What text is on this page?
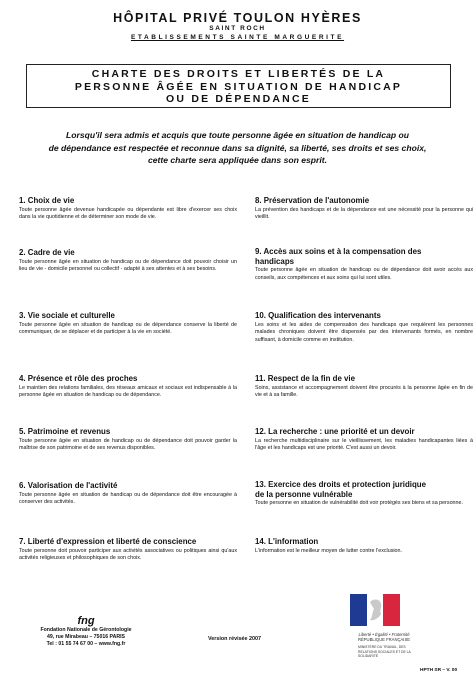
HÔPITAL PRIVÉ TOULON HYÈRES
SAINT ROCH
ETABLISSEMENTS SAINTE MARGUERITE
CHARTE DES DROITS ET LIBERTÉS DE LA
PERSONNE ÂGÉE EN SITUATION DE HANDICAP
OU DE DÉPENDANCE
Lorsqu'il sera admis et acquis que toute personne âgée en situation de handicap ou
de dépendance est respectée et reconnue dans sa dignité, sa liberté, ses droits et ses choix,
cette charte sera appliquée dans son esprit.
1. Choix de vie
Toute personne âgée devenue handicapée ou dépendante est libre d'exercer ses choix dans la vie quotidienne et de déterminer son mode de vie.
2. Cadre de vie
Toute personne âgée en situation de handicap ou de dépendance doit pouvoir choisir un lieu de vie - domicile personnel ou collectif - adapté à ses attentes et à ses besoins.
3. Vie sociale et culturelle
Toute personne âgée en situation de handicap ou de dépendance conserve la liberté de communiquer, de se déplacer et de participer à la vie en société.
4. Présence et rôle des proches
Le maintien des relations familiales, des réseaux amicaux et sociaux est indispensable à la personne âgée en situation de handicap ou de dépendance.
5. Patrimoine et revenus
Toute personne âgée en situation de handicap ou de dépendance doit pouvoir garder la maîtrise de son patrimoine et de ses revenus disponibles.
6. Valorisation de l'activité
Toute personne âgée en situation de handicap ou de dépendance doit être encouragée à conserver des activités.
7. Liberté d'expression et liberté de conscience
Toute personne doit pouvoir participer aux activités associatives ou politiques ainsi qu'aux activités religieuses et philosophiques de son choix.
8. Préservation de l'autonomie
La prévention des handicaps et de la dépendance est une nécessité pour la personne qui vieillit.
9. Accès aux soins et à la compensation des
handicaps
Toute personne âgée en situation de handicap ou de dépendance doit avoir accès aux conseils, aux compétences et aux soins qui lui sont utiles.
10. Qualification des intervenants
Les soins et les aides de compensation des handicaps que requièrent les personnes malades chroniques doivent être dispensés par des intervenants formés, en nombre suffisant, à domicile comme en institution.
11. Respect de la fin de vie
Soins, assistance et accompagnement doivent être procurés à la personne âgée en fin de vie et à sa famille.
12. La recherche : une priorité et un devoir
La recherche multidisciplinaire sur le vieillissement, les maladies handicapantes liées à l'âge et les handicaps est une priorité. C'est aussi un devoir.
13. Exercice des droits et protection juridique
de la personne vulnérable
Toute personne en situation de vulnérabilité doit voir protégés ses biens et sa personne.
14. L'information
L'information est le meilleur moyen de lutter contre l'exclusion.
fng
Fondation Nationale de Gérontologie
49, rue Mirabeau – 75016 PARIS
Tel : 01 55 74 67 00 – www.fng.fr
Version révisée 2007
Liberté • Égalité • Fraternité
RÉPUBLIQUE FRANÇAISE
MINISTÈRE DU TRAVAIL, DES RELATIONS SOCIALES ET DE LA SOLIDARITÉ
HPTH SR – V. 00
